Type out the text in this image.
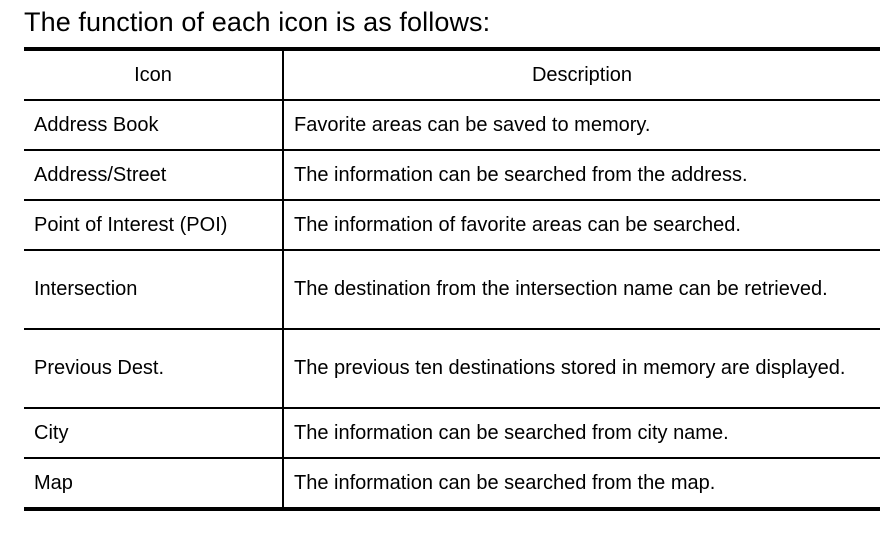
The function of each icon is as follows:
Icon	Description
Address Book	Favorite areas can be saved to memory.
Address/Street	The information can be searched from the address.
Point of Interest (POI)	The information of favorite areas can be searched.
Intersection	The destination from the intersection name can be retrieved.
Previous Dest.	The previous ten destinations stored in memory are displayed.
City	The information can be searched from city name.
Map	The information can be searched from the map.
